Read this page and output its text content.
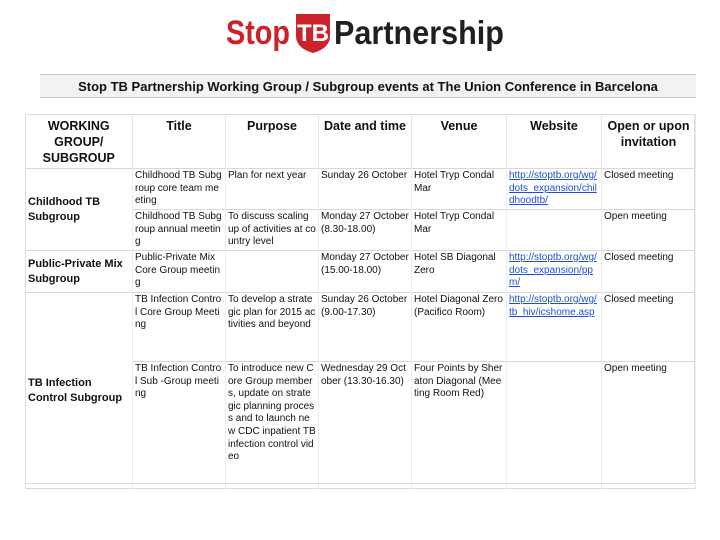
Stop TB Partnership
Stop TB Partnership Working Group / Subgroup events at The Union Conference in Barcelona
WORKING GROUP/ SUBGROUP	Title	Purpose	Date and time	Venue	Website	Open or upon invitation
Childhood TB Subgroup	Childhood TB Subgroup core team meeting	Plan for next year	Sunday 26 October	Hotel Tryp Condal Mar	http://stoptb.org/wg/dots_expansion/childhoodtb/	Closed meeting
	Childhood TB Subgroup annual meeting	To discuss scaling up of activities at country level	Monday 27 October (8.30-18.00)	Hotel Tryp Condal Mar		Open meeting
Public-Private Mix Subgroup	Public-Private Mix Core Group meeting		Monday 27 October (15.00-18.00)	Hotel SB Diagonal Zero	http://stoptb.org/wg/dots_expansion/ppm/	Closed meeting
TB Infection Control Subgroup	TB Infection Control Core Group Meeting	To develop a strategic plan for 2015 activities and beyond	Sunday 26 October (9.00-17.30)	Hotel Diagonal Zero (Pacifico Room)	http://stoptb.org/wg/tb_hiv/icshome.asp	Closed meeting
	TB Infection Control Sub -Group meeting	To introduce new Core Group members, update on strategic planning process and to launch new CDC inpatient TB infection control video	Wednesday 29 October (13.30-16.30)	Four Points by Sheraton Diagonal (Meeting Room Red)		Open meeting
